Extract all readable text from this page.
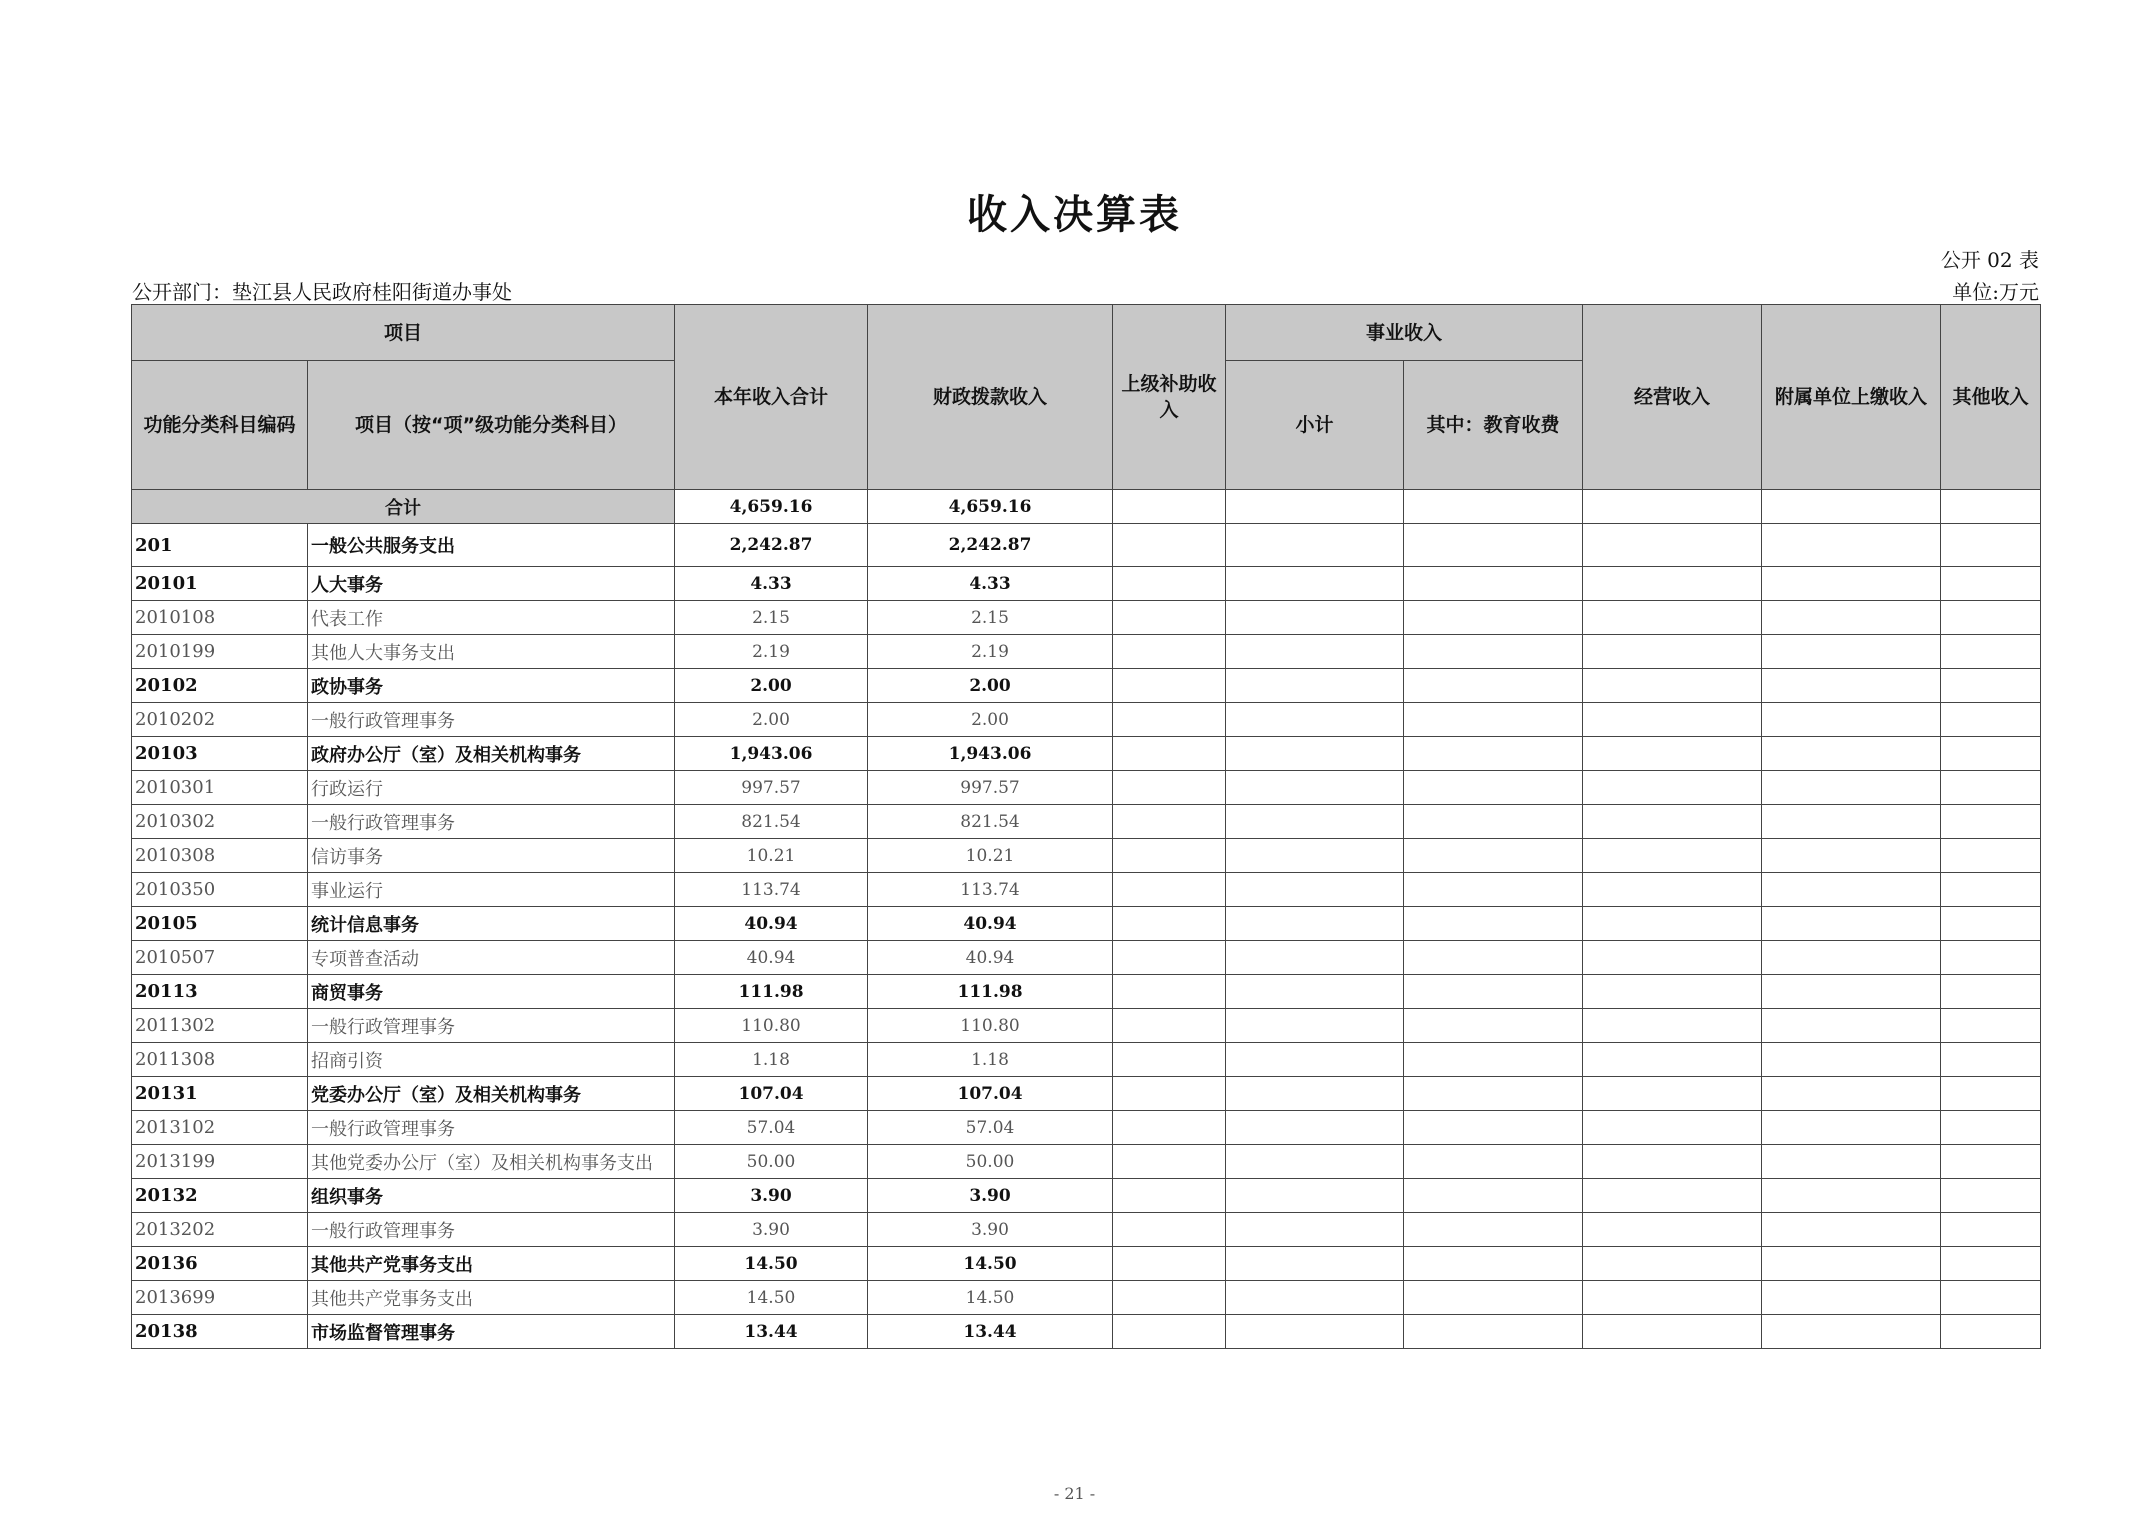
收入决算表
公开 02 表
公开部门：垫江县人民政府桂阳街道办事处	单位:万元
项目		本年收入合计	财政拨款收入	上级补助收入	事业收入		经营收入	附属单位上缴收入	其他收入
功能分类科目编码	项目（按“项”级功能分类科目）				小计	其中：教育收费			
合计		4,659.16	4,659.16						
201	一般公共服务支出	2,242.87	2,242.87						
20101	人大事务	4.33	4.33						
2010108	代表工作	2.15	2.15						
2010199	其他人大事务支出	2.19	2.19						
20102	政协事务	2.00	2.00						
2010202	一般行政管理事务	2.00	2.00						
20103	政府办公厅（室）及相关机构事务	1,943.06	1,943.06						
2010301	行政运行	997.57	997.57						
2010302	一般行政管理事务	821.54	821.54						
2010308	信访事务	10.21	10.21						
2010350	事业运行	113.74	113.74						
20105	统计信息事务	40.94	40.94						
2010507	专项普查活动	40.94	40.94						
20113	商贸事务	111.98	111.98						
2011302	一般行政管理事务	110.80	110.80						
2011308	招商引资	1.18	1.18						
20131	党委办公厅（室）及相关机构事务	107.04	107.04						
2013102	一般行政管理事务	57.04	57.04						
2013199	其他党委办公厅（室）及相关机构事务支出	50.00	50.00						
20132	组织事务	3.90	3.90						
2013202	一般行政管理事务	3.90	3.90						
20136	其他共产党事务支出	14.50	14.50						
2013699	其他共产党事务支出	14.50	14.50						
20138	市场监督管理事务	13.44	13.44						
- 21 -
